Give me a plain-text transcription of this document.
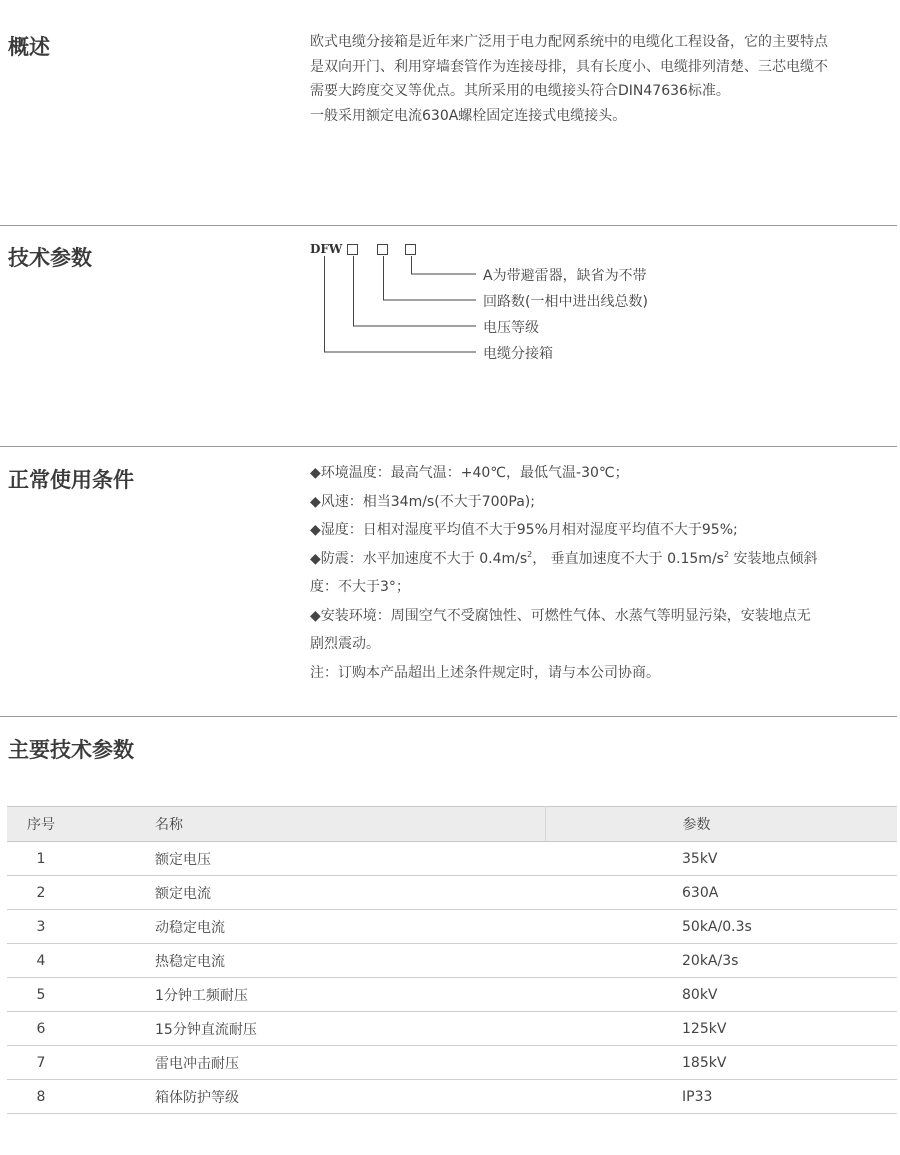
概述	欧式电缆分接箱是近年来广泛用于电力配网系统中的电缆化工程设备，它的主要特点
是双向开门、利用穿墙套管作为连接母排，具有长度小、电缆排列清楚、三芯电缆不
需要大跨度交叉等优点。其所采用的电缆接头符合DIN47636标准。
一般采用额定电流630A螺栓固定连接式电缆接头。
技术参数	DFW
A为带避雷器，缺省为不带
回路数(一相中进出线总数)
电压等级
电缆分接箱
正常使用条件	◆环境温度：最高气温：+40℃，最低气温-30℃；
◆风速：相当34m/s(不大于700Pa);
◆湿度：日相对湿度平均值不大于95%月相对湿度平均值不大于95%;
◆防震：水平加速度不大于 $0.4m/s^2$， 垂直加速度不大于 $0.15m/s^2$ 安装地点倾斜
度：不大于3°；
◆安装环境：周围空气不受腐蚀性、可燃性气体、水蒸气等明显污染，安装地点无
剧烈震动。
注：订购本产品超出上述条件规定时，请与本公司协商。
主要技术参数
序号	名称	参数
1	额定电压	35kV
2	额定电流	630A
3	动稳定电流	50kA/0.3s
4	热稳定电流	20kA/3s
5	1分钟工频耐压	80kV
6	15分钟直流耐压	125kV
7	雷电冲击耐压	185kV
8	箱体防护等级	IP33
